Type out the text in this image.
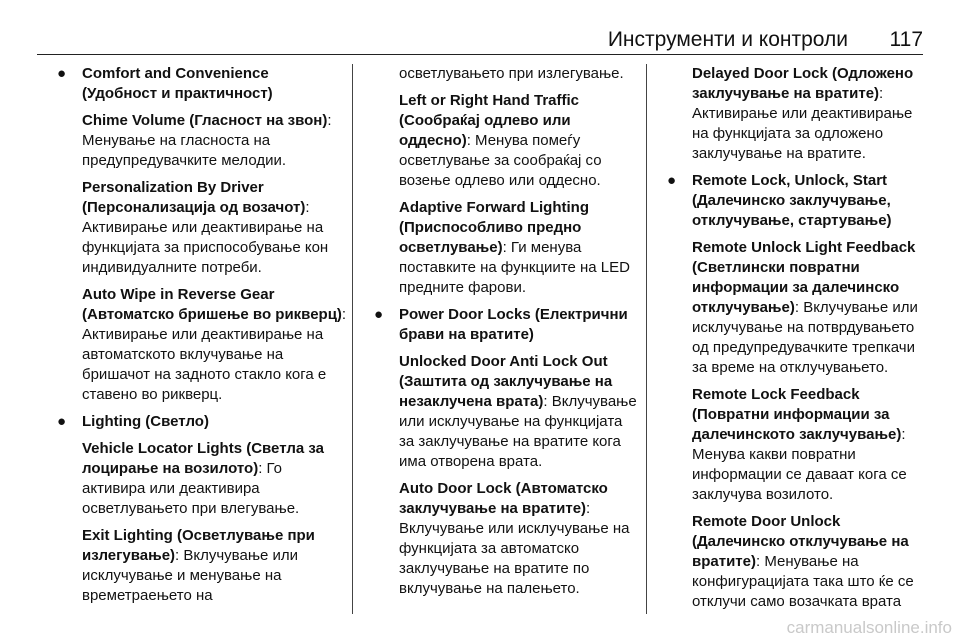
Инструменти и контроли 117
● Comfort and Convenience (Удобност и практичност)
Chime Volume (Гласност на звон): Менување на гласноста на предупредувачките мелодии.
Personalization By Driver (Персонализација од возачот): Активирање или деактивирање на функцијата за приспособување кон индивидуалните потреби.
Auto Wipe in Reverse Gear (Автоматско бришење во рикверц): Активирање или деактивирање на автоматското вклучување на бришачот на задното стакло кога е ставено во рикверц.
● Lighting (Светло)
Vehicle Locator Lights (Светла за лоцирање на возилото): Го активира или деактивира осветлувањето при влегување.
Exit Lighting (Осветлување при излегување): Вклучување или исклучување и менување на времетраењето на
осветлувањето при излегување.
Left or Right Hand Traffic (Сообраќај одлево или оддесно): Менува помеѓу осветлување за сообраќај со возење одлево или оддесно.
Adaptive Forward Lighting (Приспособливо предно осветлување): Ги менува поставките на функциите на LED предните фарови.
● Power Door Locks (Електрични брави на вратите)
Unlocked Door Anti Lock Out (Заштита од заклучување на незаклучена врата): Вклучување или исклучување на функцијата за заклучување на вратите кога има отворена врата.
Auto Door Lock (Автоматско заклучување на вратите): Вклучување или исклучување на функцијата за автоматско заклучување на вратите по вклучување на палењето.
Delayed Door Lock (Одложено заклучување на вратите): Активирање или деактивирање на функцијата за одложено заклучување на вратите.
● Remote Lock, Unlock, Start (Далечинско заклучување, отклучување, стартување)
Remote Unlock Light Feedback (Светлински повратни информации за далечинско отклучување): Вклучување или исклучување на потврдувањето од предупредувачките трепкачи за време на отклучувањето.
Remote Lock Feedback (Повратни информации за далечинското заклучување): Менува какви повратни информации се даваат кога се заклучува возилото.
Remote Door Unlock (Далечинско отклучување на вратите): Менување на конфигурацијата така што ќе се отклучи само возачката врата
carmanualsonline.info
